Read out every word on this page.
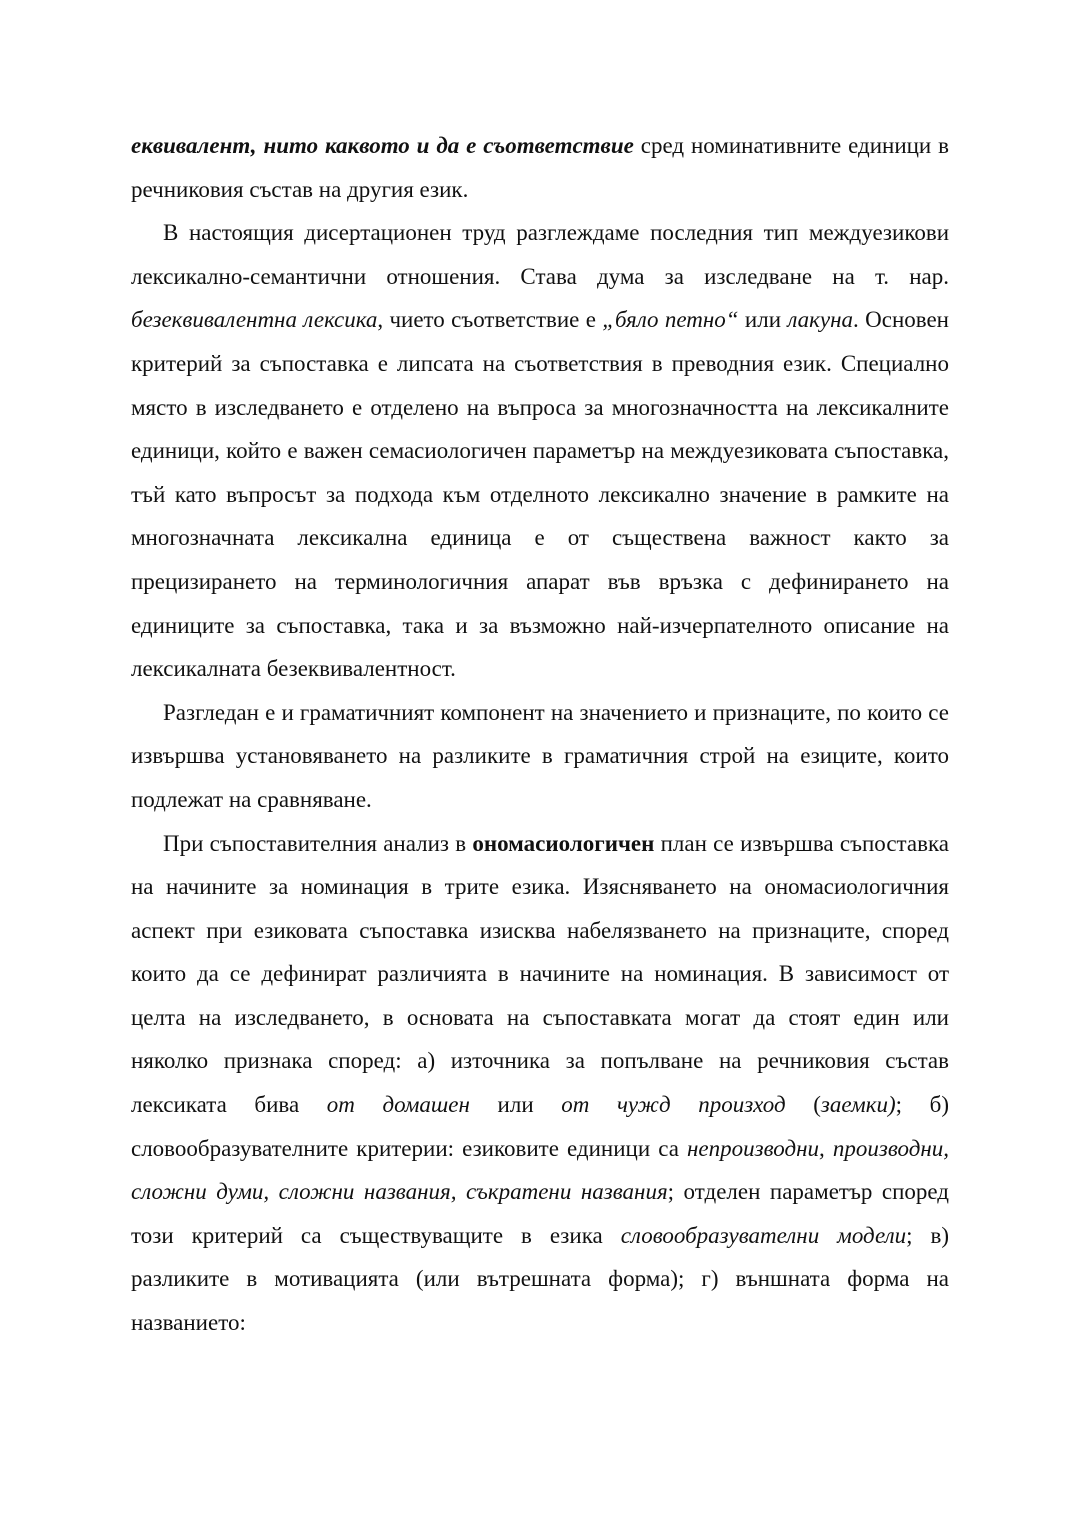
еквивалент, нито каквото и да е съответствие сред номинативните единици в речниковия състав на другия език.

В настоящия дисертационен труд разглеждаме последния тип междуезикови лексикално-семантични отношения. Става дума за изследване на т. нар. безеквивалентна лексика, чието съответствие е „бяло петно“ или лакуна. Основен критерий за съпоставка е липсата на съответствия в преводния език. Специално място в изследването е отделено на въпроса за многозначността на лексикалните единици, който е важен семасиологичен параметър на междуезиковата съпоставка, тъй като въпросът за подхода към отделното лексикално значение в рамките на многозначната лексикална единица е от съществена важност както за прецизирането на терминологичния апарат във връзка с дефинирането на единиците за съпоставка, така и за възможно най-изчерпателното описание на лексикалната безеквивалентност.

Разгледан е и граматичният компонент на значението и признаците, по които се извършва установяването на разликите в граматичния строй на езиците, които подлежат на сравняване.

При съпоставителния анализ в ономасиологичен план се извършва съпоставка на начините за номинация в трите езика. Изясняването на ономасиологичния аспект при езиковата съпоставка изисква набелязването на признаците, според които да се дефинират различията в начините на номинация. В зависимост от целта на изследването, в основата на съпоставката могат да стоят един или няколко признака според: а) източника за попълване на речниковия състав лексиката бива от домашен или от чужд произход (заемки); б) словообразувателните критерии: езиковите единици са непроизводни, производни, сложни думи, сложни названия, съкратени названия; отделен параметър според този критерий са съществуващите в езика словообразувателни модели; в) разликите в мотивацията (или вътрешната форма); г) външната форма на названието:
